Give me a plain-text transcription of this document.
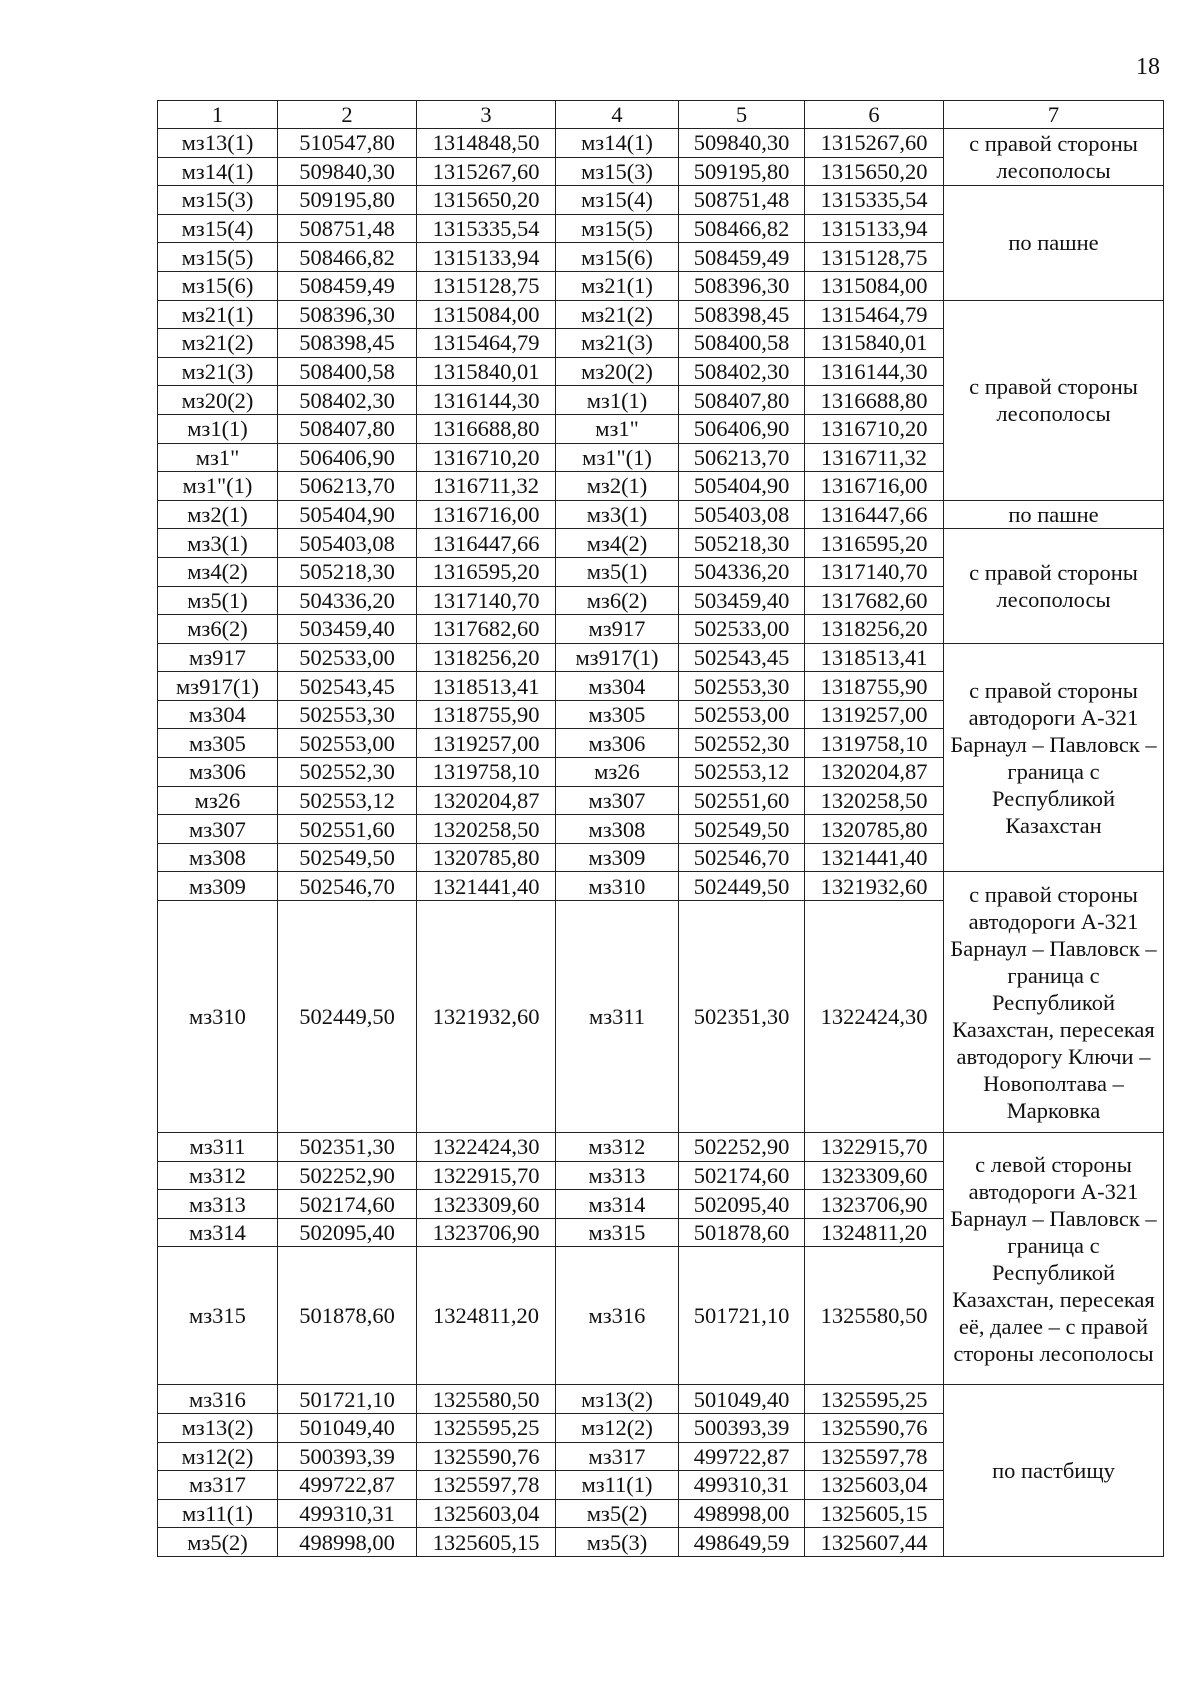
18
1	2	3	4	5	6	7
мз13(1)	510547,80	1314848,50	мз14(1)	509840,30	1315267,60	с правой стороны лесополосы
мз14(1)	509840,30	1315267,60	мз15(3)	509195,80	1315650,20	
мз15(3)	509195,80	1315650,20	мз15(4)	508751,48	1315335,54	по пашне
мз15(4)	508751,48	1315335,54	мз15(5)	508466,82	1315133,94	
мз15(5)	508466,82	1315133,94	мз15(6)	508459,49	1315128,75	
мз15(6)	508459,49	1315128,75	мз21(1)	508396,30	1315084,00	
мз21(1)	508396,30	1315084,00	мз21(2)	508398,45	1315464,79	с правой стороны лесополосы
мз21(2)	508398,45	1315464,79	мз21(3)	508400,58	1315840,01	
мз21(3)	508400,58	1315840,01	мз20(2)	508402,30	1316144,30	
мз20(2)	508402,30	1316144,30	мз1(1)	508407,80	1316688,80	
мз1(1)	508407,80	1316688,80	мз1"	506406,90	1316710,20	
мз1"	506406,90	1316710,20	мз1"(1)	506213,70	1316711,32	
мз1"(1)	506213,70	1316711,32	мз2(1)	505404,90	1316716,00	
мз2(1)	505404,90	1316716,00	мз3(1)	505403,08	1316447,66	по пашне
мз3(1)	505403,08	1316447,66	мз4(2)	505218,30	1316595,20	с правой стороны лесополосы
мз4(2)	505218,30	1316595,20	мз5(1)	504336,20	1317140,70	
мз5(1)	504336,20	1317140,70	мз6(2)	503459,40	1317682,60	
мз6(2)	503459,40	1317682,60	мз917	502533,00	1318256,20	
мз917	502533,00	1318256,20	мз917(1)	502543,45	1318513,41	с правой стороны автодороги А-321 Барнаул – Павловск – граница с Республикой Казахстан
мз917(1)	502543,45	1318513,41	мз304	502553,30	1318755,90	
мз304	502553,30	1318755,90	мз305	502553,00	1319257,00	
мз305	502553,00	1319257,00	мз306	502552,30	1319758,10	
мз306	502552,30	1319758,10	мз26	502553,12	1320204,87	
мз26	502553,12	1320204,87	мз307	502551,60	1320258,50	
мз307	502551,60	1320258,50	мз308	502549,50	1320785,80	
мз308	502549,50	1320785,80	мз309	502546,70	1321441,40	
мз309	502546,70	1321441,40	мз310	502449,50	1321932,60	с правой стороны автодороги А-321 Барнаул – Павловск – граница с Республикой Казахстан, пересекая автодорогу Ключи – Новополтава – Марковка
мз310	502449,50	1321932,60	мз311	502351,30	1322424,30	
мз311	502351,30	1322424,30	мз312	502252,90	1322915,70	с левой стороны автодороги А-321 Барнаул – Павловск – граница с Республикой Казахстан, пересекая её, далее – с правой стороны лесополосы
мз312	502252,90	1322915,70	мз313	502174,60	1323309,60	
мз313	502174,60	1323309,60	мз314	502095,40	1323706,90	
мз314	502095,40	1323706,90	мз315	501878,60	1324811,20	
мз315	501878,60	1324811,20	мз316	501721,10	1325580,50	
мз316	501721,10	1325580,50	мз13(2)	501049,40	1325595,25	по пастбищу
мз13(2)	501049,40	1325595,25	мз12(2)	500393,39	1325590,76	
мз12(2)	500393,39	1325590,76	мз317	499722,87	1325597,78	
мз317	499722,87	1325597,78	мз11(1)	499310,31	1325603,04	
мз11(1)	499310,31	1325603,04	мз5(2)	498998,00	1325605,15	
мз5(2)	498998,00	1325605,15	мз5(3)	498649,59	1325607,44	
